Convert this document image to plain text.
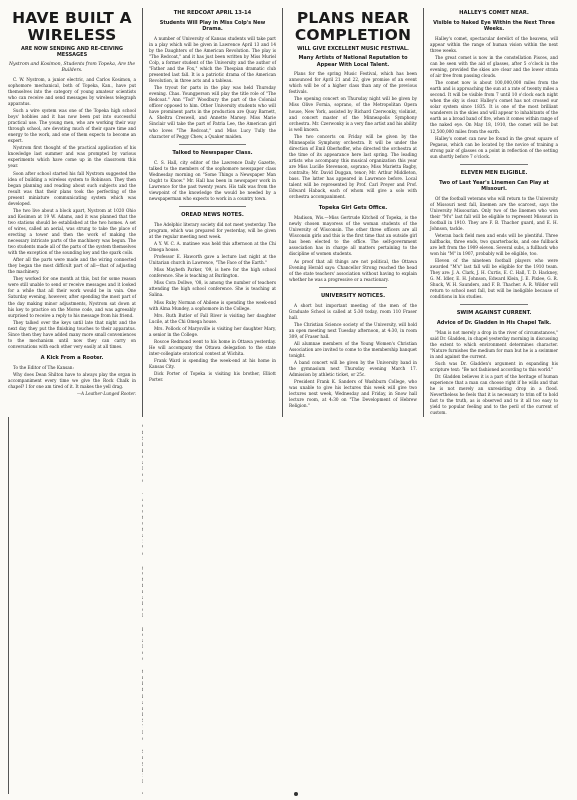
HAVE BUILT A WIRELESS
ARE NOW SENDING AND RE-CEIVING MESSAGES
Nystrom and Kosimon, Students from Topeka, Are the Builders.

C. W. Nystrom, a junior electric, and Carlos Kosimon, a sophomore mechanical, both of Topeka, Kan., have put themselves into the category of young amateur scientists who can receive and send messages by wireless telegraph apparatus.

Such a wire system was one of the Topeka high school boys' hobbies and it has now been put into successful practical use. The young men, who are working their way through school, are devoting much of their spare time and energy to the work, and one of them expects to become an expert.

Nystrom first thought of the practical application of his knowledge last summer and was prompted by various experiments which have come up in the classroom this year.

Soon after school started his fall Nystrom suggested the idea of building a wireless system to Robinson. They then began planning and reading about such subjects and the result was that their plans took the perfecting of the present miniature communicating system which was developed.

The two live about a block apart, Nystrom at 1020 Ohio and Kosimon at 19 W. Adams, and it was planned that the two stations should be established at the two homes. A set of wires, called an aerial, was strung to take the place of erecting a tower and then the work of making the necessary intricate parts of the machinery was begun. The two students made all of the parts of the system themselves with the exception of the sounding key and the spark coils.

After all the parts were made and the wiring connected they began the most difficult part of all—that of adjusting the machinery.

They worked for one month at this, but for some reason were still unable to send or receive messages and it looked for a while that all their work would be in vain. One Saturday evening, however, after spending the most part of the day making minor adjustments, Nystrom sat down at his key to practice on the Morse code, and was agreeably surprised to receive a reply to his message from his friend.

They talked over the keys until late that night and the next day they put the finishing touches to their apparatus. Since then they have added many more small conveniences to the mechanism until now they can carry on conversations with each other very easily at all times.

A Kick From a Rooter.

To the Editor of The Kansan:

Why does Dean Shilton have to always play the organ in accompaniment every time we give the Rock Chalk in chapel? I for one am tired of it. It makes the yell drag.

—A Leather-Lunged Rooter.
THE REDCOAT APRIL 13-14
Students Will Play in Miss Colp's New Drama.

A number of University of Kansas students will take part in a play which will be given in Lawrence April 13 and 14 by the Daughters of the American Revolution. The play is "The Redcoat," and it has just been written by Miss Muriel Colp, a former student of the University and the author of "Father and the Fox," which the Thespian dramatic club presented last fall. It is a patriotic drama of the American Revolution, in three acts and a tableau.

The tryout for parts in the play was held Thursday evening. Chas. Youngperson will play the title role of "The Redcoat." Ann "Tod" Woodbury the part of the Colonial officer opposed to him. Other University students who will have prominent parts in the production are Quay Barnett, A. Sheltra Creswell, and Annette Marsey. Miss Marie Sinclair will take the part of Patria Lee, the American girl who loves "The Redcoat," and Miss Lucy Tully the character of Peggy Chew, a Quaker maiden.

Talked to Newspaper Class.

C. S. Hall, city editor of the Lawrence Daily Gazette, talked to the members of the sophomore newspaper class Wednesday morning on "Some Things a Newspaper Man Ought to Know." Mr. Hall has been in newspaper work in Lawrence for the past twenty years. His talk was from the viewpoint of the knowledge the would be needed by a newspaperman who expects to work in a country town.

OREAD NEWS NOTES.

The Adelphic literary society did not meet yesterday. The program, which was prepared for yesterday, will be given at the regular meeting next week.

A Y. W. C. A. matinee was held this afternoon at the Chi Omega house.

Professor E. Haworth gave a lecture last night at the Unitarian church in Lawrence, "The Face of the Earth."

Miss Maybeth Parker, '09, is here for the high school conference. She is teaching at Burlington.

Miss Cora Dollwe, '08, is among the number of teachers attending the high school conference. She is teaching at Salina.

Miss Ruby Norman of Abilene is spending the week-end with Alma Mundey, a sophomore in the College.

Mrs. Ruth Butler of Fall River is visiting her daughter Lucile, at the Chi Omega house.

Mrs. Pollock of Marysville is visiting her daughter Mary, a senior in the College.

Roscoe Redmond went to his home in Ottawa yesterday. He will accompany the Ottawa delegation to the state inter-collegiate oratorical contest at Wichita.

Frank Ward is spending the week-end at his home in Kansas City.

Dick Porter of Topeka is visiting his brother, Elliott Porter.

PLANS NEAR COMPLETION
WILL GIVE EXCELLENT MUSIC FESTIVAL.
Many Artists of National Reputation to Appear With Local Talent.

Plans for the spring Music Festival, which has been announced for April 21 and 22, give promise of an event which will be of a higher class than any of the previous festivals.

The opening concert on Thursday night will be given by Miss Olive Fornia, soprano, of the Metropolitan Opera house, New York, assisted by Richard Czerwonky, violinist, and concert master of the Minneapolis Symphony orchestra. Mr. Czerwonky is a very fine artist and his ability is well known.

The two concerts on Friday will be given by the Minneapolis Symphony orchestra. It will be under the direction of Emil Oberhoffer, who directed the orchestra at the time of its appearance here last spring. The leading artists who accompany this musical organization this year are Miss Lucille Stevenson, soprano; Miss Marietta Bagby, contralto; Mr. David Duggan, tenor; Mr. Arthur Middleton, bass. The latter has appeared in Lawrence before. Local talent will be represented by Prof. Carl Preyer and Prof. Edward Haback, each of whom will give a solo with orchestra accompaniment.

Topeka Girl Gets Office.

Madison, Wis.—Miss Gertrude Kitchell of Topeka, is the newly chosen mayoress of the woman students of the University of Wisconsin. The other three officers are all Wisconsin girls and this is the first time that an outside girl has been elected to the office. The self-government association has in charge all matters pertaining to the discipline of women students.

As proof that all things are not political, the Ottawa Evening Herald says: Chancellor Strong reached the head of the state teachers' association without having to explain whether he was a progressive or a reactionary.

UNIVERSITY NOTICES.

A short but important meeting of the men of the Graduate School is called at 5:30 today, room 110 Fraser hall.

The Christian Science society of the University, will hold an open meeting next Tuesday afternoon, at 4:30, in room 309, of Fraser hall.

All alumnae members of the Young Women's Christian Association are invited to come to the membership banquet tonight.

A band concert will be given by the University band in the gymnasium next Thursday evening March 17. Admission by athletic ticket, or 25c.

President Frank K. Sanders of Washburn College, who was unable to give his lectures this week will give two lectures next week, Wednesday and Friday, in Snow hall lecture room, at 4:30 on "The Development of Hebrew Religion."

HALLEY'S COMET NEAR.
Visible to Naked Eye Within the Next Three Weeks.

Halley's comet, spectacular derelict of the heavens, will appear within the range of human vision within the next three weeks.

The great comet is now in the constellation Pisces, and can be seen with the aid of glasses, after 5 o'clock in the evening, provided the skies are clear and the lower strata of air free from passing clouds.

The comet now is about 100,000,000 miles from the earth and is approaching the sun at a rate of twenty miles a second. It will be visible from 7 until 10 o'clock each night when the sky is clear. Halley's comet has not crossed our solar system since 1835. It is one of the most brilliant wanderers in the skies and will appear to inhabitants of the earth as a broad band of fire, when it comes within range of the naked eye. On May 18, 1910, the comet will be but 12,500,000 miles from the earth.

Halley's comet can now be found in the great square of Pegasus, which can be located by the novice of training a strong pair of glasses on a point in reflection of the setting sun shortly before 7 o'clock.

ELEVEN MEN ELIGIBLE.
Two of Last Year's Linemen Can Play at Missouri.

Of the football veterans who will return to the University of Missouri next fall, linemen are the scarcest, says the University Missourian. Only two of the linemen who won their "M's" last fall will be eligible to represent Missouri in football in 1910. They are F. B. Thacher guard, and E. H. Johnson, tackle.

Veteran back field men and ends will be plentiful. Three halfbacks, three ends, two quarterbacks, and one fullback are left from the 1909 eleven. Several subs, a fullback who won his "M" in 1907, probably will be eligible, too.

Eleven of the nineteen football players who were awarded "M's" last fall will be eligible for the 1910 team. They are: J. A. Clark, J. H. Curtis, E. C. Hall, T. D. Hackney, G. M. Idler, E. H. Johnson, Edward Klein, J. E. Pixlee, G. R. Shuck, W. H. Saunders, and F. B. Thacher. A. R. Wilder will return to school next fall, but will be ineligible because of conditions in his studies.

SWIM AGAINST CURRENT.
Advice of Dr. Gladden in His Chapel Talk.

"Man is not merely a drop in the river of circumstances," said Dr. Gladden, in chapel yesterday morning in discussing the extent to which environment determines character. "Nature furnishes the medium for man but he is a swimmer in and against the current.

Such was Dr. Gladden's argument in expanding his scripture text: "Be not fashioned according to this world."

Dr. Gladden believes it is a part of the heritage of human experience that a man can choose right if he wills and that he is not merely an unresisting drop in a flood. Nevertheless he feels that it is necessary to trim off to hold fast to the truth, as is observed and to it all too easy to yield to popular feeling and to the peril of the current of custom.
